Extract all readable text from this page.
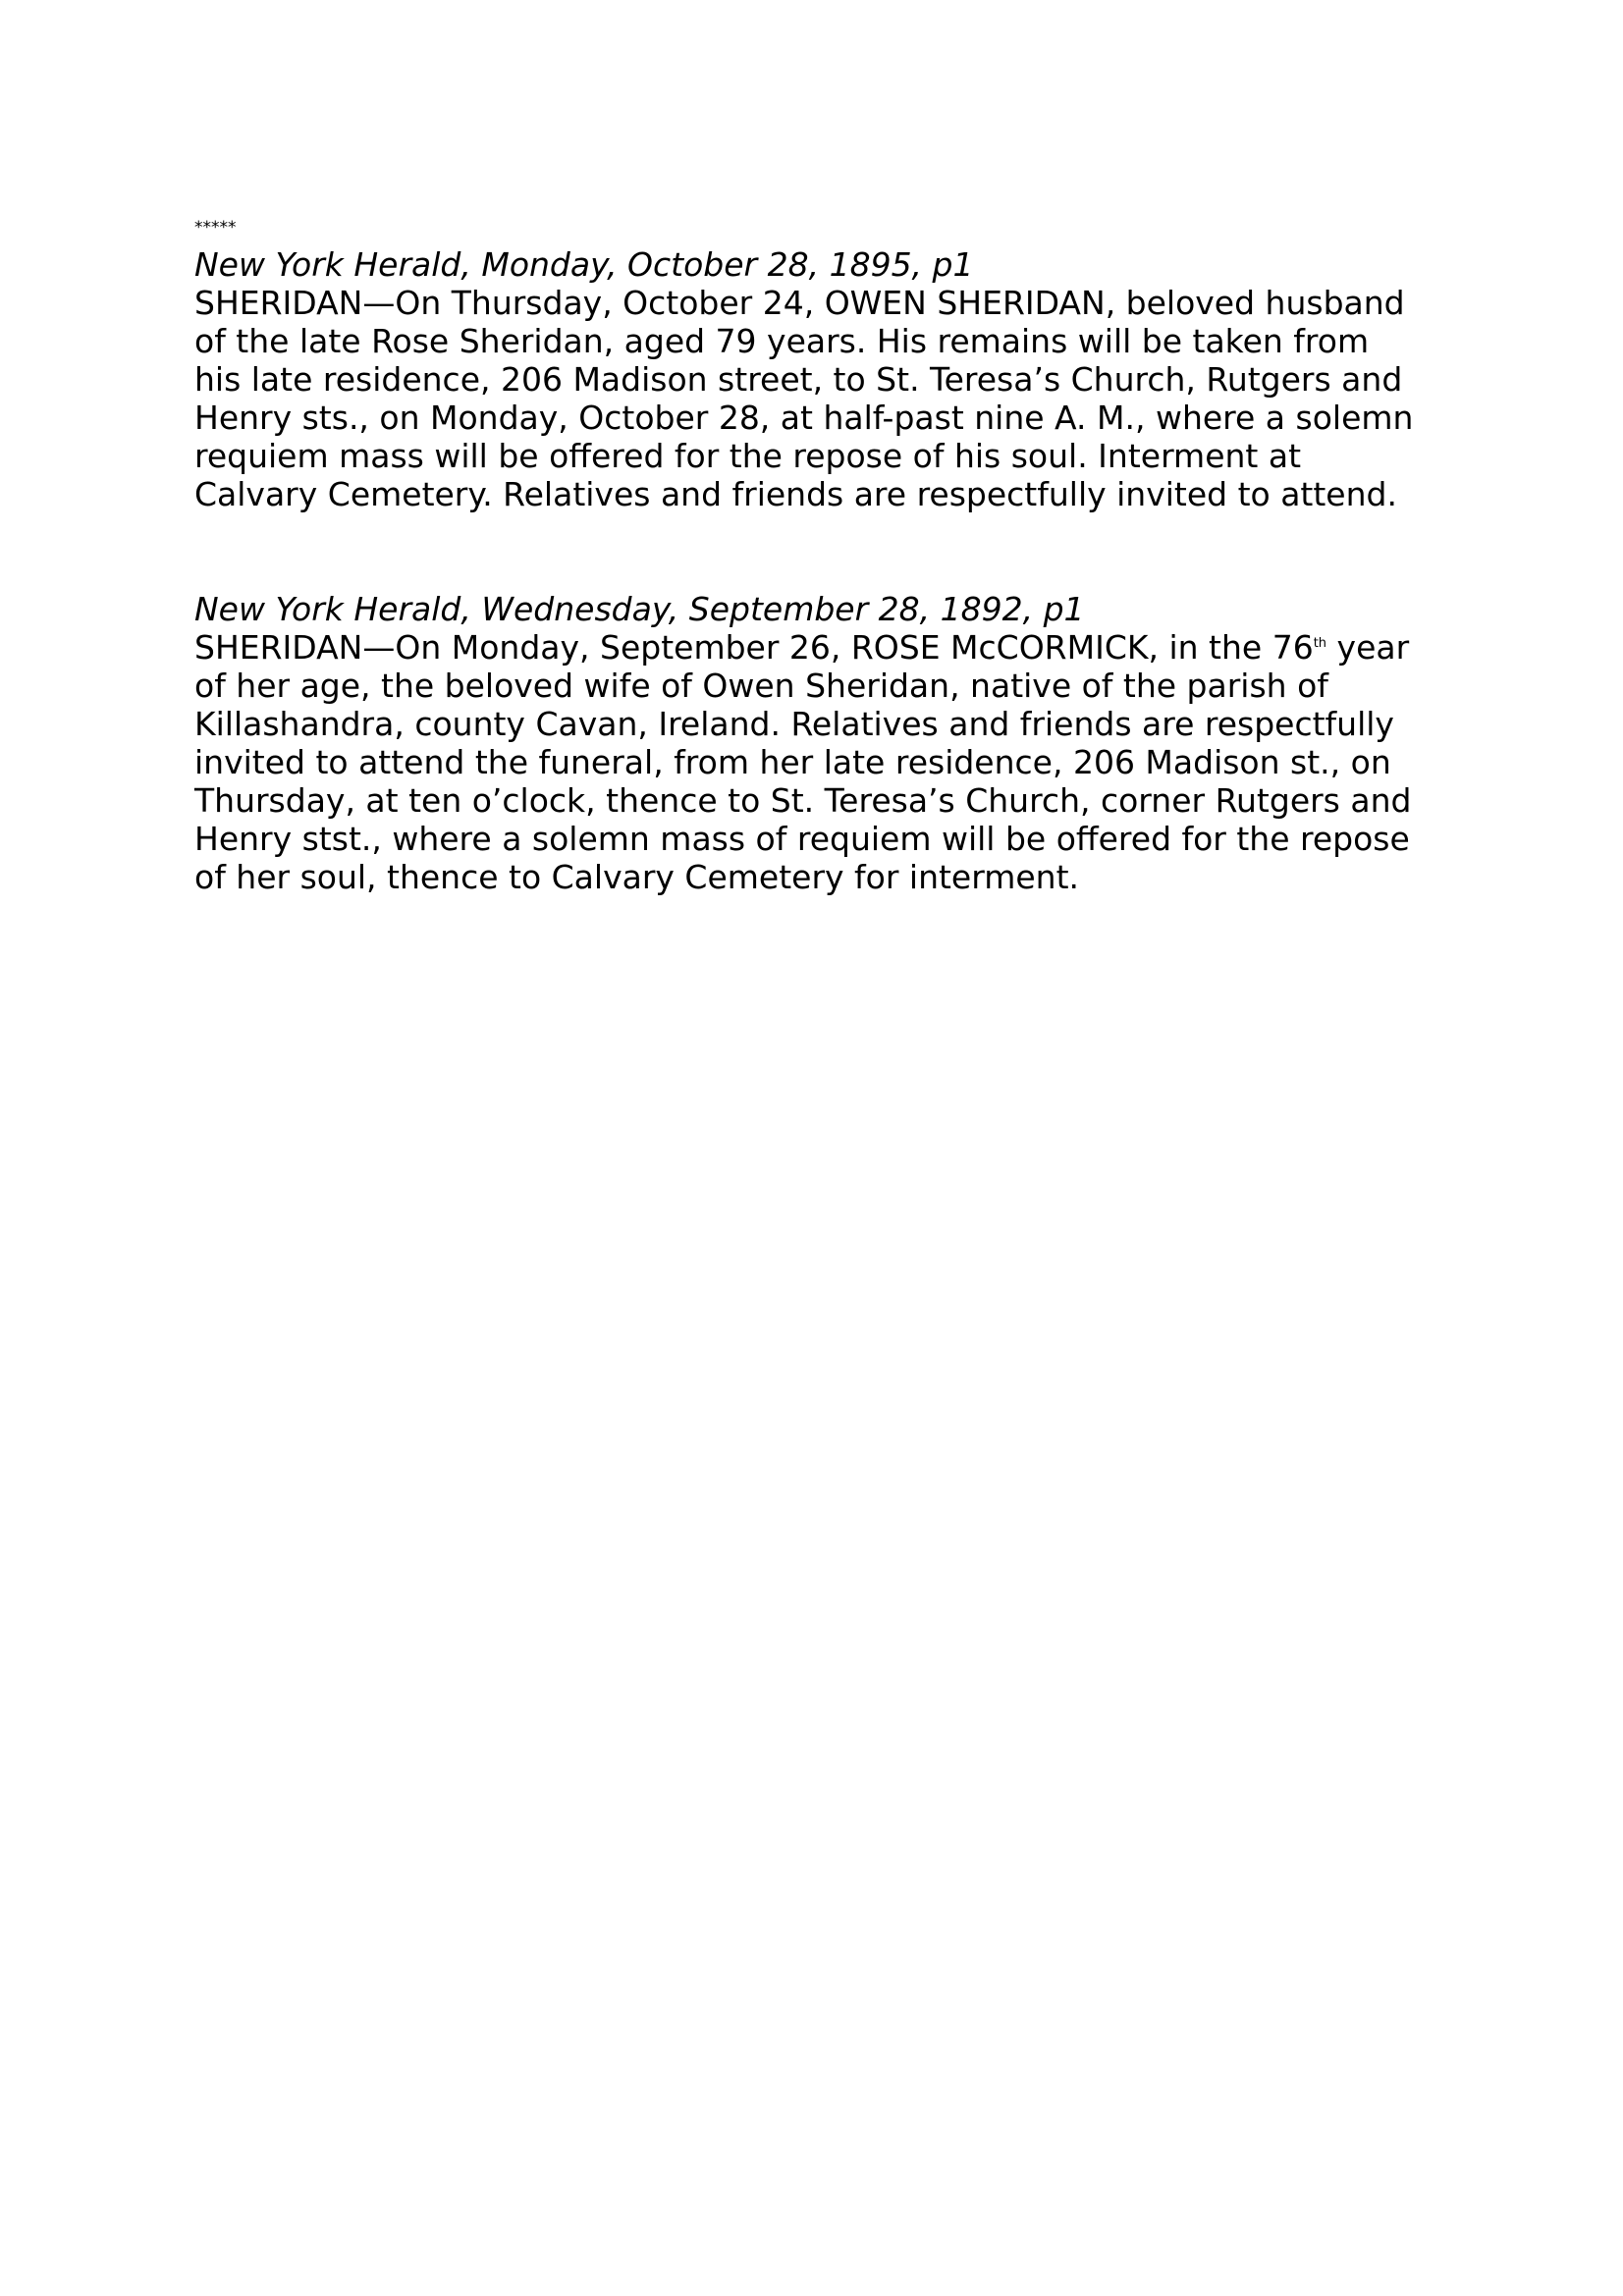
*****

New York Herald, Monday, October 28, 1895, p1

SHERIDAN—On Thursday, October 24, OWEN SHERIDAN, beloved husband

of the late Rose Sheridan, aged 79 years. His remains will be taken from

his late residence, 206 Madison street, to St. Teresa’s Church, Rutgers and

Henry sts., on Monday, October 28, at half-past nine A. M., where a solemn

requiem mass will be offered for the repose of his soul. Interment at

Calvary Cemetery. Relatives and friends are respectfully invited to attend.

New York Herald, Wednesday, September 28, 1892, p1

SHERIDAN—On Monday, September 26, ROSE McCORMICK, in the 76th year

of her age, the beloved wife of Owen Sheridan, native of the parish of

Killashandra, county Cavan, Ireland. Relatives and friends are respectfully

invited to attend the funeral, from her late residence, 206 Madison st., on

Thursday, at ten o’clock, thence to St. Teresa’s Church, corner Rutgers and

Henry stst., where a solemn mass of requiem will be offered for the repose

of her soul, thence to Calvary Cemetery for interment.
